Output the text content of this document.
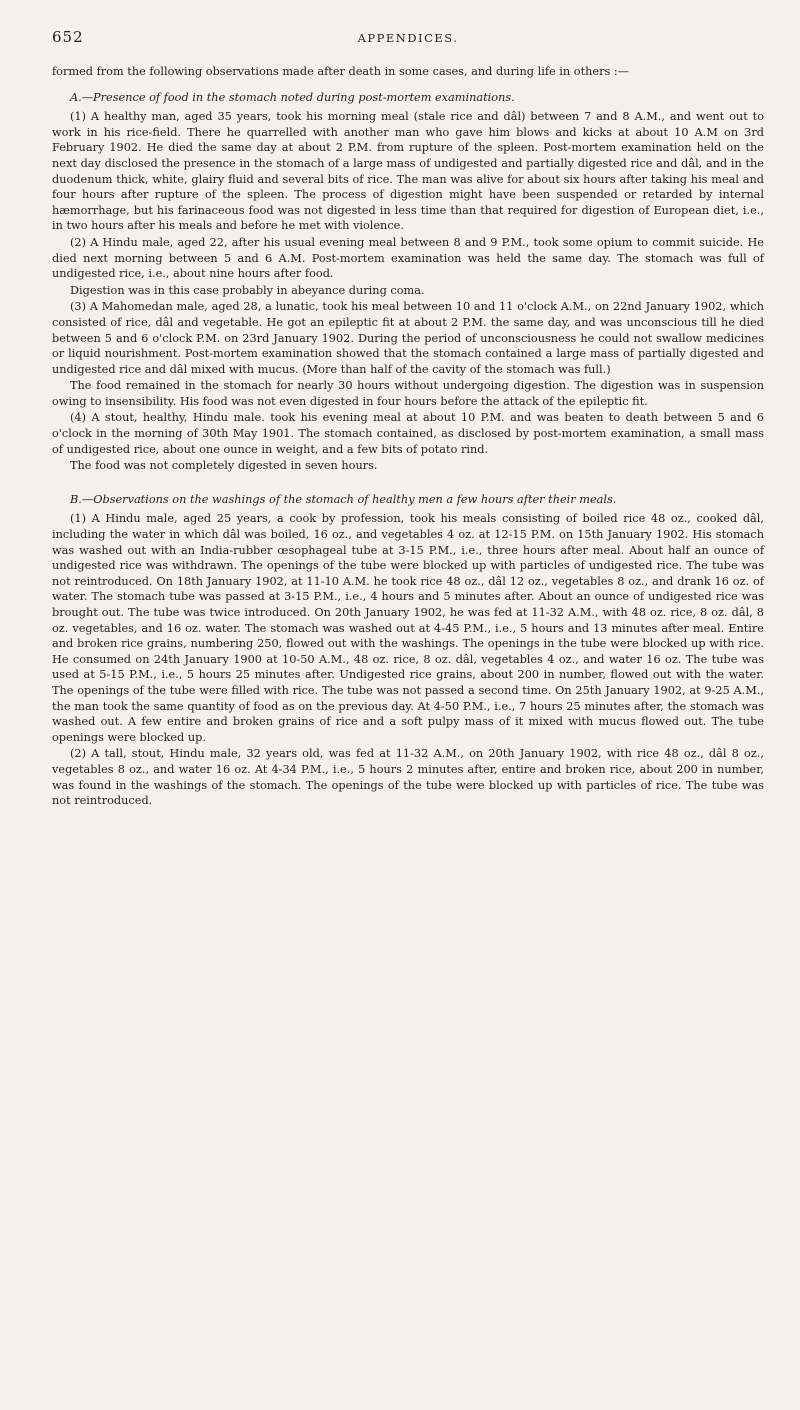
652	APPENDICES.

formed from the following observations made after death in some cases, and during life in others :—

A.—Presence of food in the stomach noted during post-mortem examinations.

(1) A healthy man, aged 35 years, took his morning meal (stale rice and dâl) between 7 and 8 A.M., and went out to work in his rice-field. There he quarrelled with another man who gave him blows and kicks at about 10 A.M on 3rd February 1902. He died the same day at about 2 P.M. from rupture of the spleen. Post-mortem examination held on the next day disclosed the presence in the stomach of a large mass of undigested and partially digested rice and dâl, and in the duodenum thick, white, glairy fluid and several bits of rice. The man was alive for about six hours after taking his meal and four hours after rupture of the spleen. The process of digestion might have been suspended or retarded by internal hæmorrhage, but his farinaceous food was not digested in less time than that required for digestion of European diet, i.e., in two hours after his meals and before he met with violence.

(2) A Hindu male, aged 22, after his usual evening meal between 8 and 9 P.M., took some opium to commit suicide. He died next morning between 5 and 6 A.M. Post-mortem examination was held the same day. The stomach was full of undigested rice, i.e., about nine hours after food.

Digestion was in this case probably in abeyance during coma.

(3) A Mahomedan male, aged 28, a lunatic, took his meal between 10 and 11 o'clock A.M., on 22nd January 1902, which consisted of rice, dâl and vegetable. He got an epileptic fit at about 2 P.M. the same day, and was unconscious till he died between 5 and 6 o'clock P.M. on 23rd January 1902. During the period of unconsciousness he could not swallow medicines or liquid nourishment. Post-mortem examination showed that the stomach contained a large mass of partially digested and undigested rice and dâl mixed with mucus. (More than half of the cavity of the stomach was full.)

The food remained in the stomach for nearly 30 hours without undergoing digestion. The digestion was in suspension owing to insensibility. His food was not even digested in four hours before the attack of the epileptic fit.

(4) A stout, healthy, Hindu male. took his evening meal at about 10 P.M. and was beaten to death between 5 and 6 o'clock in the morning of 30th May 1901. The stomach contained, as disclosed by post-mortem examination, a small mass of undigested rice, about one ounce in weight, and a few bits of potato rind.

The food was not completely digested in seven hours.

B.—Observations on the washings of the stomach of healthy men a few hours after their meals.

(1) A Hindu male, aged 25 years, a cook by profession, took his meals consisting of boiled rice 48 oz., cooked dâl, including the water in which dâl was boiled, 16 oz., and vegetables 4 oz. at 12-15 P.M. on 15th January 1902. His stomach was washed out with an India-rubber œsophageal tube at 3-15 P.M., i.e., three hours after meal. About half an ounce of undigested rice was withdrawn. The openings of the tube were blocked up with particles of undigested rice. The tube was not reintroduced. On 18th January 1902, at 11-10 A.M. he took rice 48 oz., dâl 12 oz., vegetables 8 oz., and drank 16 oz. of water. The stomach tube was passed at 3-15 P.M., i.e., 4 hours and 5 minutes after. About an ounce of undigested rice was brought out. The tube was twice introduced. On 20th January 1902, he was fed at 11-32 A.M., with 48 oz. rice, 8 oz. dâl, 8 oz. vegetables, and 16 oz. water. The stomach was washed out at 4-45 P.M., i.e., 5 hours and 13 minutes after meal. Entire and broken rice grains, numbering 250, flowed out with the washings. The openings in the tube were blocked up with rice. He consumed on 24th January 1900 at 10-50 A.M., 48 oz. rice, 8 oz. dâl, vegetables 4 oz., and water 16 oz. The tube was used at 5-15 P.M., i.e., 5 hours 25 minutes after. Undigested rice grains, about 200 in number, flowed out with the water. The openings of the tube were filled with rice. The tube was not passed a second time. On 25th January 1902, at 9-25 A.M., the man took the same quantity of food as on the previous day. At 4-50 P.M., i.e., 7 hours 25 minutes after, the stomach was washed out. A few entire and broken grains of rice and a soft pulpy mass of it mixed with mucus flowed out. The tube openings were blocked up.

(2) A tall, stout, Hindu male, 32 years old, was fed at 11-32 A.M., on 20th January 1902, with rice 48 oz., dâl 8 oz., vegetables 8 oz., and water 16 oz. At 4-34 P.M., i.e., 5 hours 2 minutes after, entire and broken rice, about 200 in number, was found in the washings of the stomach. The openings of the tube were blocked up with particles of rice. The tube was not reintroduced.
